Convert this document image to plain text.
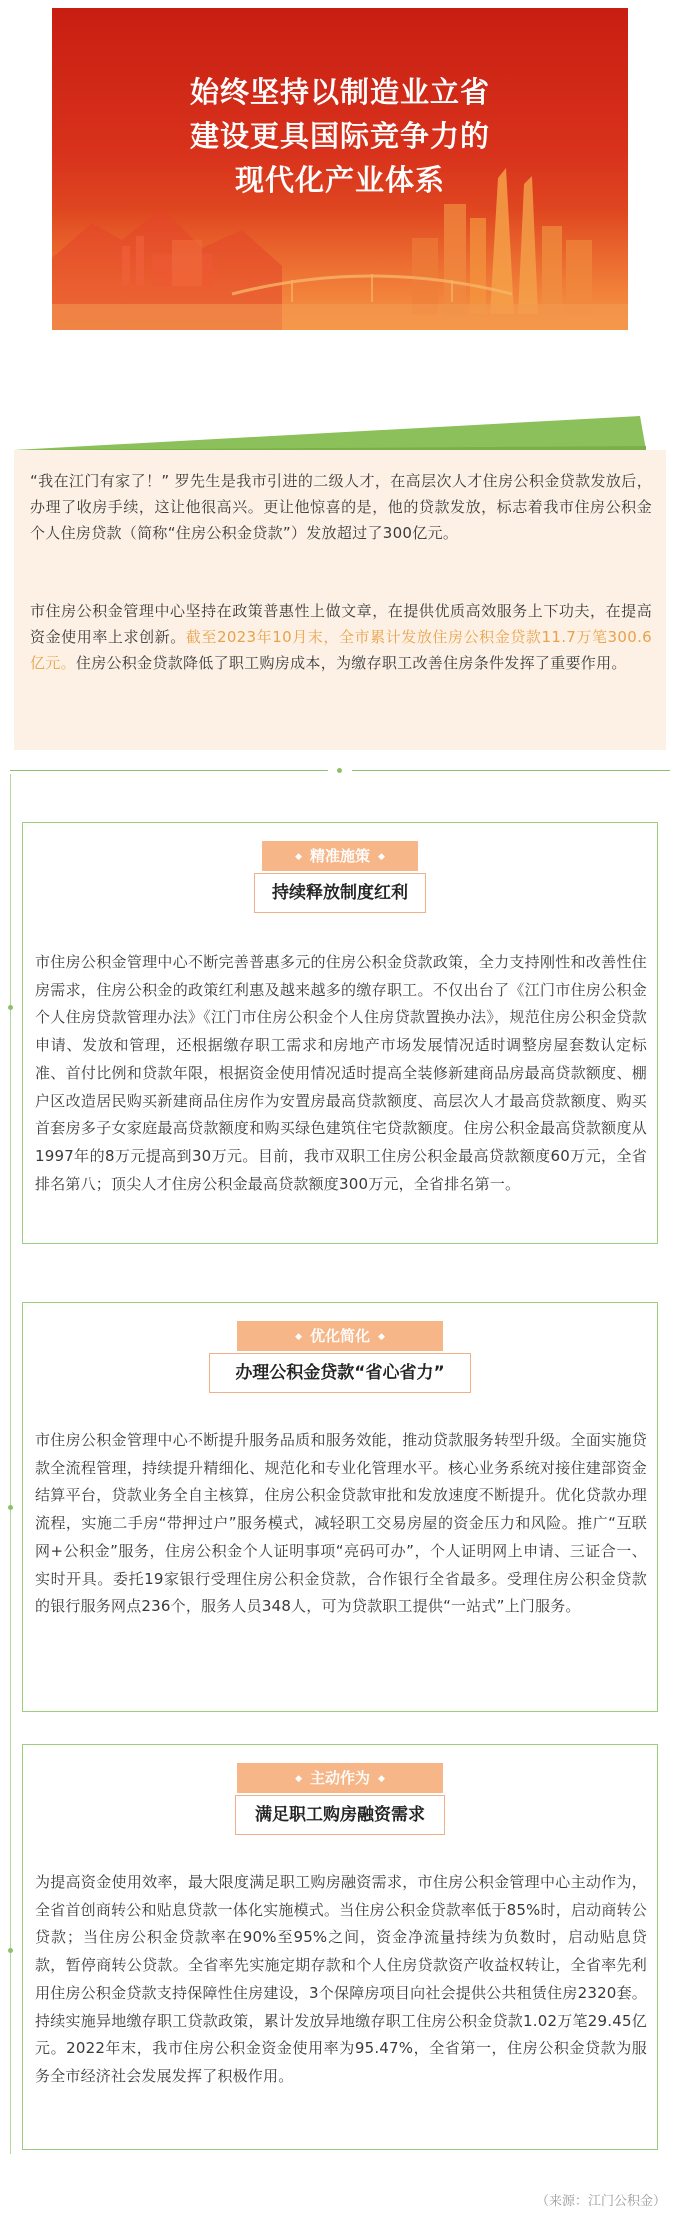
始终坚持以制造业立省
建设更具国际竞争力的
现代化产业体系

“我在江门有家了！” 罗先生是我市引进的二级人才，在高层次人才住房公积金贷款发放后，办理了收房手续，这让他很高兴。更让他惊喜的是，他的贷款发放，标志着我市住房公积金个人住房贷款（简称“住房公积金贷款”）发放超过了300亿元。

市住房公积金管理中心坚持在政策普惠性上做文章，在提供优质高效服务上下功夫，在提高资金使用率上求创新。截至2023年10月末，全市累计发放住房公积金贷款11.7万笔300.6亿元。住房公积金贷款降低了职工购房成本，为缴存职工改善住房条件发挥了重要作用。

◆ 精准施策 ◆
持续释放制度红利
市住房公积金管理中心不断完善普惠多元的住房公积金贷款政策，全力支持刚性和改善性住房需求，住房公积金的政策红利惠及越来越多的缴存职工。不仅出台了《江门市住房公积金个人住房贷款管理办法》《江门市住房公积金个人住房贷款置换办法》，规范住房公积金贷款申请、发放和管理，还根据缴存职工需求和房地产市场发展情况适时调整房屋套数认定标准、首付比例和贷款年限，根据资金使用情况适时提高全装修新建商品房最高贷款额度、棚户区改造居民购买新建商品住房作为安置房最高贷款额度、高层次人才最高贷款额度、购买首套房多子女家庭最高贷款额度和购买绿色建筑住宅贷款额度。住房公积金最高贷款额度从1997年的8万元提高到30万元。目前，我市双职工住房公积金最高贷款额度60万元，全省排名第八；顶尖人才住房公积金最高贷款额度300万元，全省排名第一。
◆ 优化简化 ◆
办理公积金贷款“省心省力”
市住房公积金管理中心不断提升服务品质和服务效能，推动贷款服务转型升级。全面实施贷款全流程管理，持续提升精细化、规范化和专业化管理水平。核心业务系统对接住建部资金结算平台，贷款业务全自主核算，住房公积金贷款审批和发放速度不断提升。优化贷款办理流程，实施二手房“带押过户”服务模式，减轻职工交易房屋的资金压力和风险。推广“互联网+公积金”服务，住房公积金个人证明事项“亮码可办”，个人证明网上申请、三证合一、实时开具。委托19家银行受理住房公积金贷款，合作银行全省最多。受理住房公积金贷款的银行服务网点236个，服务人员348人，可为贷款职工提供“一站式”上门服务。
◆ 主动作为 ◆
满足职工购房融资需求
为提高资金使用效率，最大限度满足职工购房融资需求，市住房公积金管理中心主动作为，全省首创商转公和贴息贷款一体化实施模式。当住房公积金贷款率低于85%时，启动商转公贷款；当住房公积金贷款率在90%至95%之间，资金净流量持续为负数时，启动贴息贷款，暂停商转公贷款。全省率先实施定期存款和个人住房贷款资产收益权转让，全省率先利用住房公积金贷款支持保障性住房建设，3个保障房项目向社会提供公共租赁住房2320套。持续实施异地缴存职工贷款政策，累计发放异地缴存职工住房公积金贷款1.02万笔29.45亿元。2022年末，我市住房公积金资金使用率为95.47%，全省第一，住房公积金贷款为服务全市经济社会发展发挥了积极作用。
（来源：江门公积金）
